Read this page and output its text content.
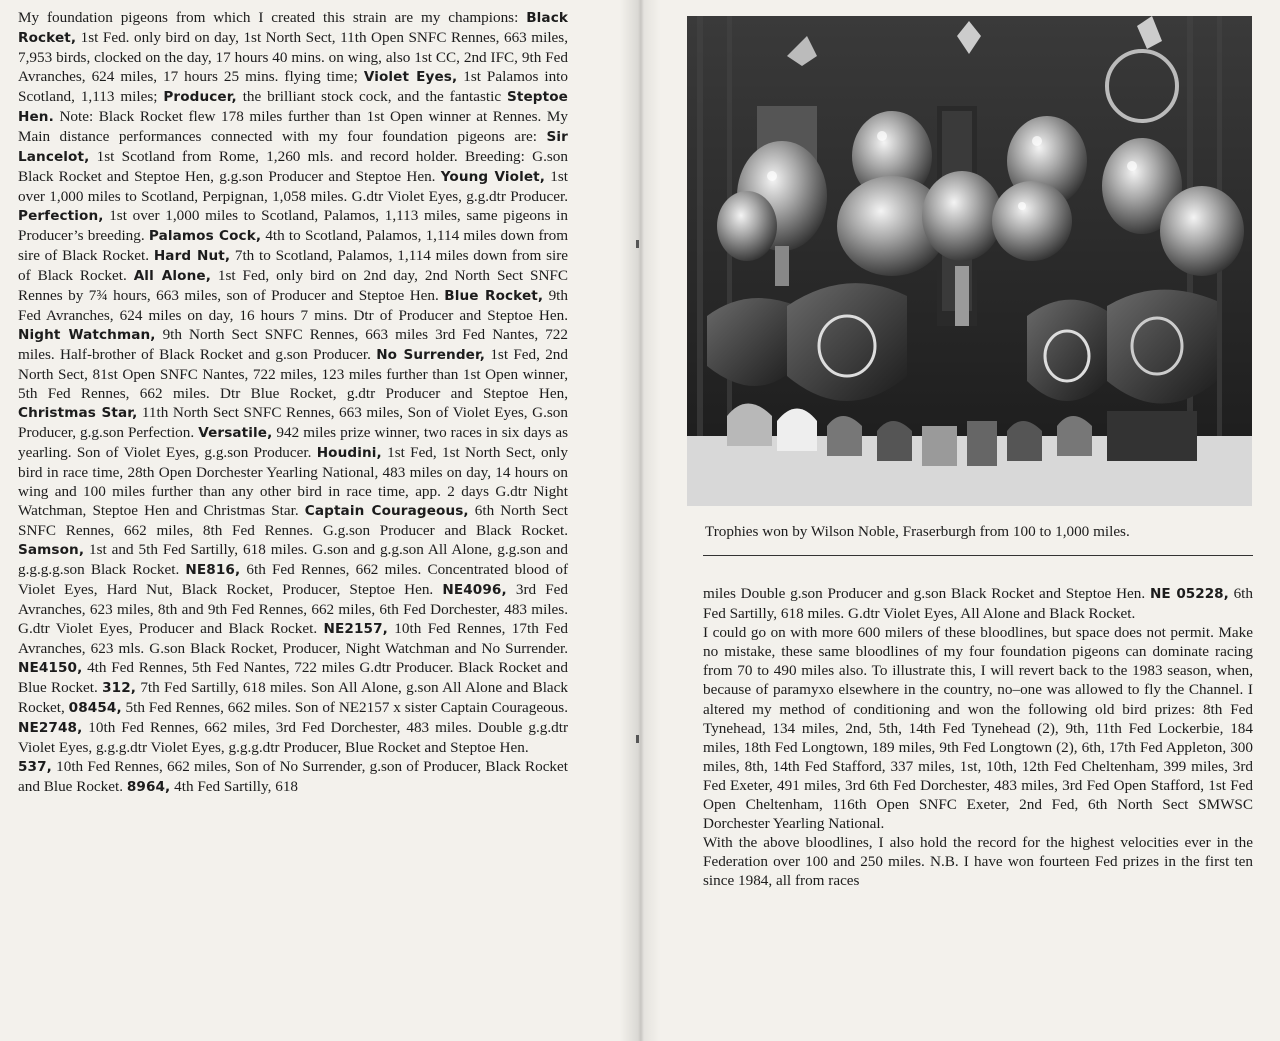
My foundation pigeons from which I created this strain are my champions: Black Rocket, 1st Fed. only bird on day, 1st North Sect, 11th Open SNFC Rennes, 663 miles, 7,953 birds, clocked on the day, 17 hours 40 mins. on wing, also 1st CC, 2nd IFC, 9th Fed Avranches, 624 miles, 17 hours 25 mins. flying time; Violet Eyes, 1st Palamos into Scotland, 1,113 miles; Producer, the brilliant stock cock, and the fantastic Steptoe Hen. Note: Black Rocket flew 178 miles further than 1st Open winner at Rennes. My Main distance performances connected with my four foundation pigeons are: Sir Lancelot, 1st Scotland from Rome, 1,260 mls. and record holder. Breeding: G.son Black Rocket and Steptoe Hen, g.g.son Producer and Steptoe Hen. Young Violet, 1st over 1,000 miles to Scotland, Perpignan, 1,058 miles. G.dtr Violet Eyes, g.g.dtr Producer. Perfection, 1st over 1,000 miles to Scotland, Palamos, 1,113 miles, same pigeons in Producer’s breeding. Palamos Cock, 4th to Scotland, Palamos, 1,114 miles down from sire of Black Rocket. Hard Nut, 7th to Scotland, Palamos, 1,114 miles down from sire of Black Rocket. All Alone, 1st Fed, only bird on 2nd day, 2nd North Sect SNFC Rennes by 7¾ hours, 663 miles, son of Producer and Steptoe Hen. Blue Rocket, 9th Fed Avranches, 624 miles on day, 16 hours 7 mins. Dtr of Producer and Steptoe Hen. Night Watchman, 9th North Sect SNFC Rennes, 663 miles 3rd Fed Nantes, 722 miles. Half-brother of Black Rocket and g.son Producer. No Surrender, 1st Fed, 2nd North Sect, 81st Open SNFC Nantes, 722 miles, 123 miles further than 1st Open winner, 5th Fed Rennes, 662 miles. Dtr Blue Rocket, g.dtr Producer and Steptoe Hen, Christmas Star, 11th North Sect SNFC Rennes, 663 miles, Son of Violet Eyes, G.son Producer, g.g.son Perfection. Versatile, 942 miles prize winner, two races in six days as yearling. Son of Violet Eyes, g.g.son Producer. Houdini, 1st Fed, 1st North Sect, only bird in race time, 28th Open Dorchester Yearling National, 483 miles on day, 14 hours on wing and 100 miles further than any other bird in race time, app. 2 days G.dtr Night Watchman, Steptoe Hen and Christmas Star. Captain Courageous, 6th North Sect SNFC Rennes, 662 miles, 8th Fed Rennes. G.g.son Producer and Black Rocket. Samson, 1st and 5th Fed Sartilly, 618 miles. G.son and g.g.son All Alone, g.g.son and g.g.g.g.son Black Rocket. NE816, 6th Fed Rennes, 662 miles. Concentrated blood of Violet Eyes, Hard Nut, Black Rocket, Producer, Steptoe Hen. NE4096, 3rd Fed Avranches, 623 miles, 8th and 9th Fed Rennes, 662 miles, 6th Fed Dorchester, 483 miles. G.dtr Violet Eyes, Producer and Black Rocket. NE2157, 10th Fed Rennes, 17th Fed Avranches, 623 mls. G.son Black Rocket, Producer, Night Watchman and No Surrender. NE4150, 4th Fed Rennes, 5th Fed Nantes, 722 miles G.dtr Producer. Black Rocket and Blue Rocket. 312, 7th Fed Sartilly, 618 miles. Son All Alone, g.son All Alone and Black Rocket, 08454, 5th Fed Rennes, 662 miles. Son of NE2157 x sister Captain Courageous. NE2748, 10th Fed Rennes, 662 miles, 3rd Fed Dorchester, 483 miles. Double g.g.dtr Violet Eyes, g.g.g.dtr Violet Eyes, g.g.g.dtr Producer, Blue Rocket and Steptoe Hen.

537, 10th Fed Rennes, 662 miles, Son of No Surrender, g.son of Producer, Black Rocket and Blue Rocket. 8964, 4th Fed Sartilly, 618

Trophies won by Wilson Noble, Fraserburgh from 100 to 1,000 miles.

miles Double g.son Producer and g.son Black Rocket and Steptoe Hen. NE 05228, 6th Fed Sartilly, 618 miles. G.dtr Violet Eyes, All Alone and Black Rocket.

I could go on with more 600 milers of these bloodlines, but space does not permit. Make no mistake, these same bloodlines of my four foundation pigeons can dominate racing from 70 to 490 miles also. To illustrate this, I will revert back to the 1983 season, when, because of paramyxo elsewhere in the country, no–one was allowed to fly the Channel. I altered my method of conditioning and won the following old bird prizes: 8th Fed Tynehead, 134 miles, 2nd, 5th, 14th Fed Tynehead (2), 9th, 11th Fed Lockerbie, 184 miles, 18th Fed Longtown, 189 miles, 9th Fed Longtown (2), 6th, 17th Fed Appleton, 300 miles, 8th, 14th Fed Stafford, 337 miles, 1st, 10th, 12th Fed Cheltenham, 399 miles, 3rd Fed Exeter, 491 miles, 3rd 6th Fed Dorchester, 483 miles, 3rd Fed Open Stafford, 1st Fed Open Cheltenham, 116th Open SNFC Exeter, 2nd Fed, 6th North Sect SMWSC Dorchester Yearling National.

With the above bloodlines, I also hold the record for the highest velocities ever in the Federation over 100 and 250 miles. N.B. I have won fourteen Fed prizes in the first ten since 1984, all from races
